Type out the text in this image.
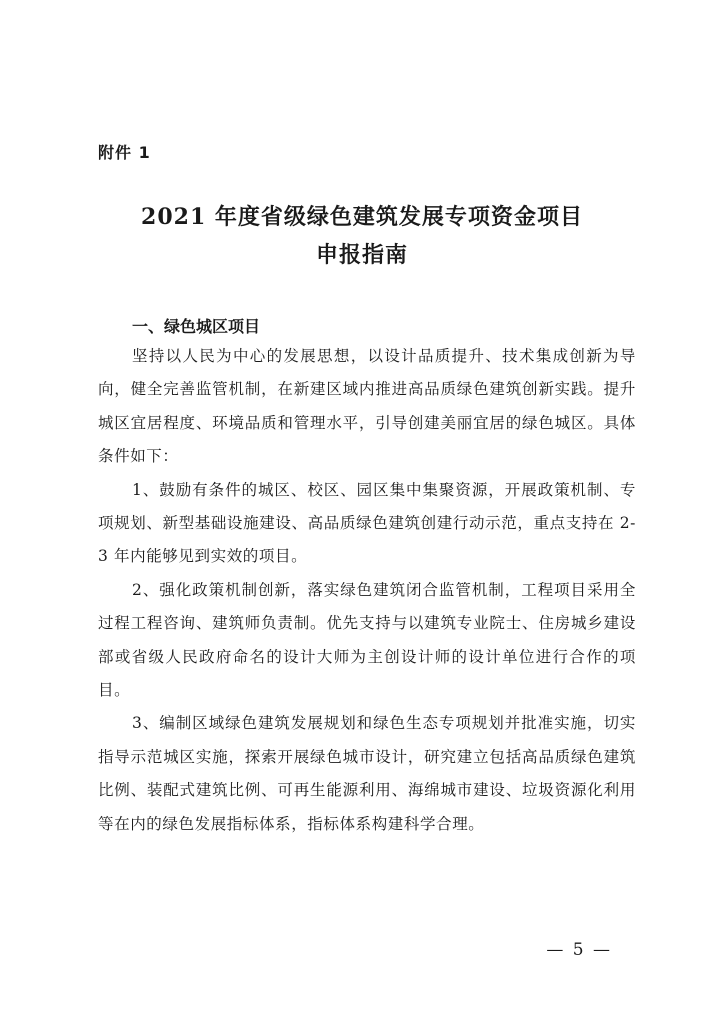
附件 1
2021 年度省级绿色建筑发展专项资金项目
申报指南
一、绿色城区项目

坚持以人民为中心的发展思想，以设计品质提升、技术集成创新为导向，健全完善监管机制，在新建区域内推进高品质绿色建筑创新实践。提升城区宜居程度、环境品质和管理水平，引导创建美丽宜居的绿色城区。具体条件如下：

1、鼓励有条件的城区、校区、园区集中集聚资源，开展政策机制、专项规划、新型基础设施建设、高品质绿色建筑创建行动示范，重点支持在 2-3 年内能够见到实效的项目。

2、强化政策机制创新，落实绿色建筑闭合监管机制，工程项目采用全过程工程咨询、建筑师负责制。优先支持与以建筑专业院士、住房城乡建设部或省级人民政府命名的设计大师为主创设计师的设计单位进行合作的项目。

3、编制区域绿色建筑发展规划和绿色生态专项规划并批准实施，切实指导示范城区实施，探索开展绿色城市设计，研究建立包括高品质绿色建筑比例、装配式建筑比例、可再生能源利用、海绵城市建设、垃圾资源化利用等在内的绿色发展指标体系，指标体系构建科学合理。

— 5 —
